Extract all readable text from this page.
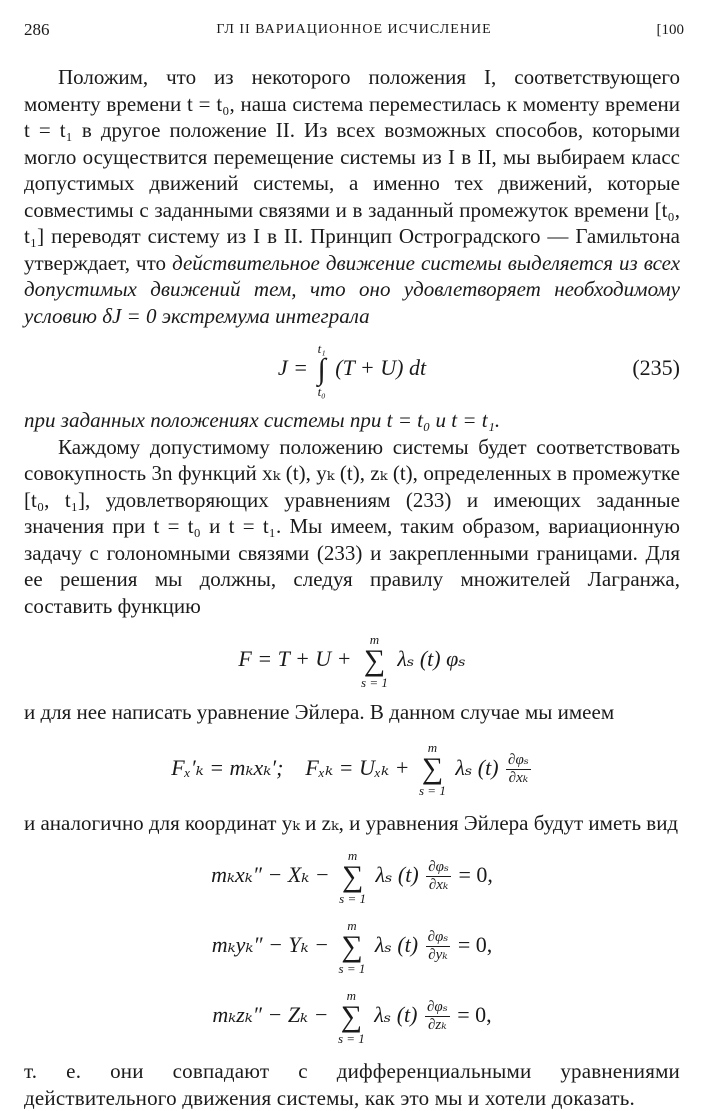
286	ГЛ II ВАРИАЦИОННОЕ ИСЧИСЛЕНИЕ	[100

Положим, что из некоторого положения I, соответствующего моменту времени t = t₀, наша система переместилась к моменту времени t = t₁ в другое положение II. Из всех возможных способов, которыми могло осуществится перемещение системы из I в II, мы выбираем класс допустимых движений системы, а именно тех движений, которые совместимы с заданными связями и в заданный промежуток времени [t₀, t₁] переводят систему из I в II. Принцип Остроградского — Гамильтона утверждает, что действительное движение системы выделяется из всех допустимых движений тем, что оно удовлетворяет необходимому условию δJ = 0 экстремума интеграла

J =
t₁
∫
t₀
(T + U) dt	(235)

при заданных положениях системы при t = t₀ и t = t₁.

Каждому допустимому положению системы будет соответствовать совокупность 3n функций xₖ (t), yₖ (t), zₖ (t), определенных в промежутке [t₀, t₁], удовлетворяющих уравнениям (233) и имеющих заданные значения при t = t₀ и t = t₁. Мы имеем, таким образом, вариационную задачу с голономными связями (233) и закрепленными границами. Для ее решения мы должны, следуя правилу множителей Лагранжа, составить функцию

F = T + U +
m
∑
s = 1
λₛ (t) φₛ

и для нее написать уравнение Эйлера. В данном случае мы имеем

Fₓ′ₖ = mₖxₖ′; Fₓₖ = Uₓₖ +
m
∑
s = 1
λₛ $(t) \frac{\text{∂φₛ}}{\text{∂xₖ}}$

и аналогично для координат yₖ и zₖ, и уравнения Эйлера будут иметь вид

mₖxₖ″ − Xₖ −
m
∑
s = 1
λₛ $(t) \frac{\text{∂φₛ}}{\text{∂xₖ}} = 0$,
mₖyₖ″ − Yₖ −
m
∑
s = 1
λₛ $(t) \frac{\text{∂φₛ}}{\text{∂yₖ}} = 0$,
mₖzₖ″ − Zₖ −
m
∑
s = 1
λₛ $(t) \frac{\text{∂φₛ}}{\text{∂zₖ}} = 0$,

т. е. они совпадают с дифференциальными уравнениями действительного движения системы, как это мы и хотели доказать.
